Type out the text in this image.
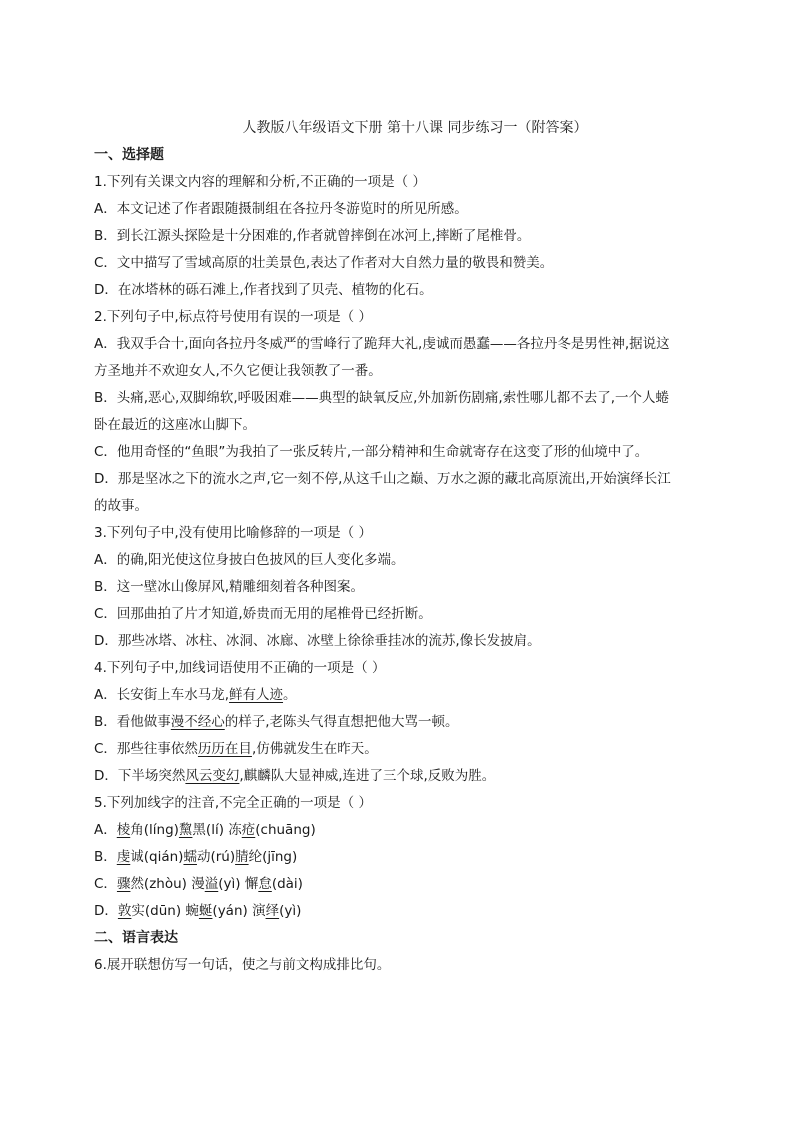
人教版八年级语文下册 第十八课 同步练习一（附答案）

一、选择题

1.下列有关课文内容的理解和分析,不正确的一项是（ ）

A．本文记述了作者跟随摄制组在各拉丹冬游览时的所见所感。

B．到长江源头探险是十分困难的,作者就曾摔倒在冰河上,摔断了尾椎骨。

C．文中描写了雪域高原的壮美景色,表达了作者对大自然力量的敬畏和赞美。

D．在冰塔林的砾石滩上,作者找到了贝壳、植物的化石。

2.下列句子中,标点符号使用有误的一项是（ ）

A．我双手合十,面向各拉丹冬威严的雪峰行了跪拜大礼,虔诚而愚蠢——各拉丹冬是男性神,据说这

方圣地并不欢迎女人,不久它便让我领教了一番。

B．头痛,恶心,双脚绵软,呼吸困难——典型的缺氧反应,外加新伤剧痛,索性哪儿都不去了,一个人蜷

卧在最近的这座冰山脚下。

C．他用奇怪的“鱼眼”为我拍了一张反转片,一部分精神和生命就寄存在这变了形的仙境中了。

D．那是坚冰之下的流水之声,它一刻不停,从这千山之巅、万水之源的藏北高原流出,开始演绎长江

的故事。

3.下列句子中,没有使用比喻修辞的一项是（ ）

A．的确,阳光使这位身披白色披风的巨人变化多端。

B．这一壁冰山像屏风,精雕细刻着各种图案。

C．回那曲拍了片才知道,娇贵而无用的尾椎骨已经折断。

D．那些冰塔、冰柱、冰洞、冰廊、冰壁上徐徐垂挂冰的流苏,像长发披肩。

4.下列句子中,加线词语使用不正确的一项是（ ）

A．长安街上车水马龙,鲜有人迹。

B．看他做事漫不经心的样子,老陈头气得直想把他大骂一顿。

C．那些往事依然历历在目,仿佛就发生在昨天。

D．下半场突然风云变幻,麒麟队大显神威,连进了三个球,反败为胜。

5.下列加线字的注音,不完全正确的一项是（ ）

A．棱角(líng)黧黑(lí) 冻疮(chuāng)

B．虔诚(qián)蠕动(rú)腈纶(jīng)

C．骤然(zhòu) 漫溢(yì) 懈怠(dài)

D．敦实(dūn) 蜿蜒(yán) 演绎(yì)

二、语言表达

6.展开联想仿写一句话，使之与前文构成排比句。
